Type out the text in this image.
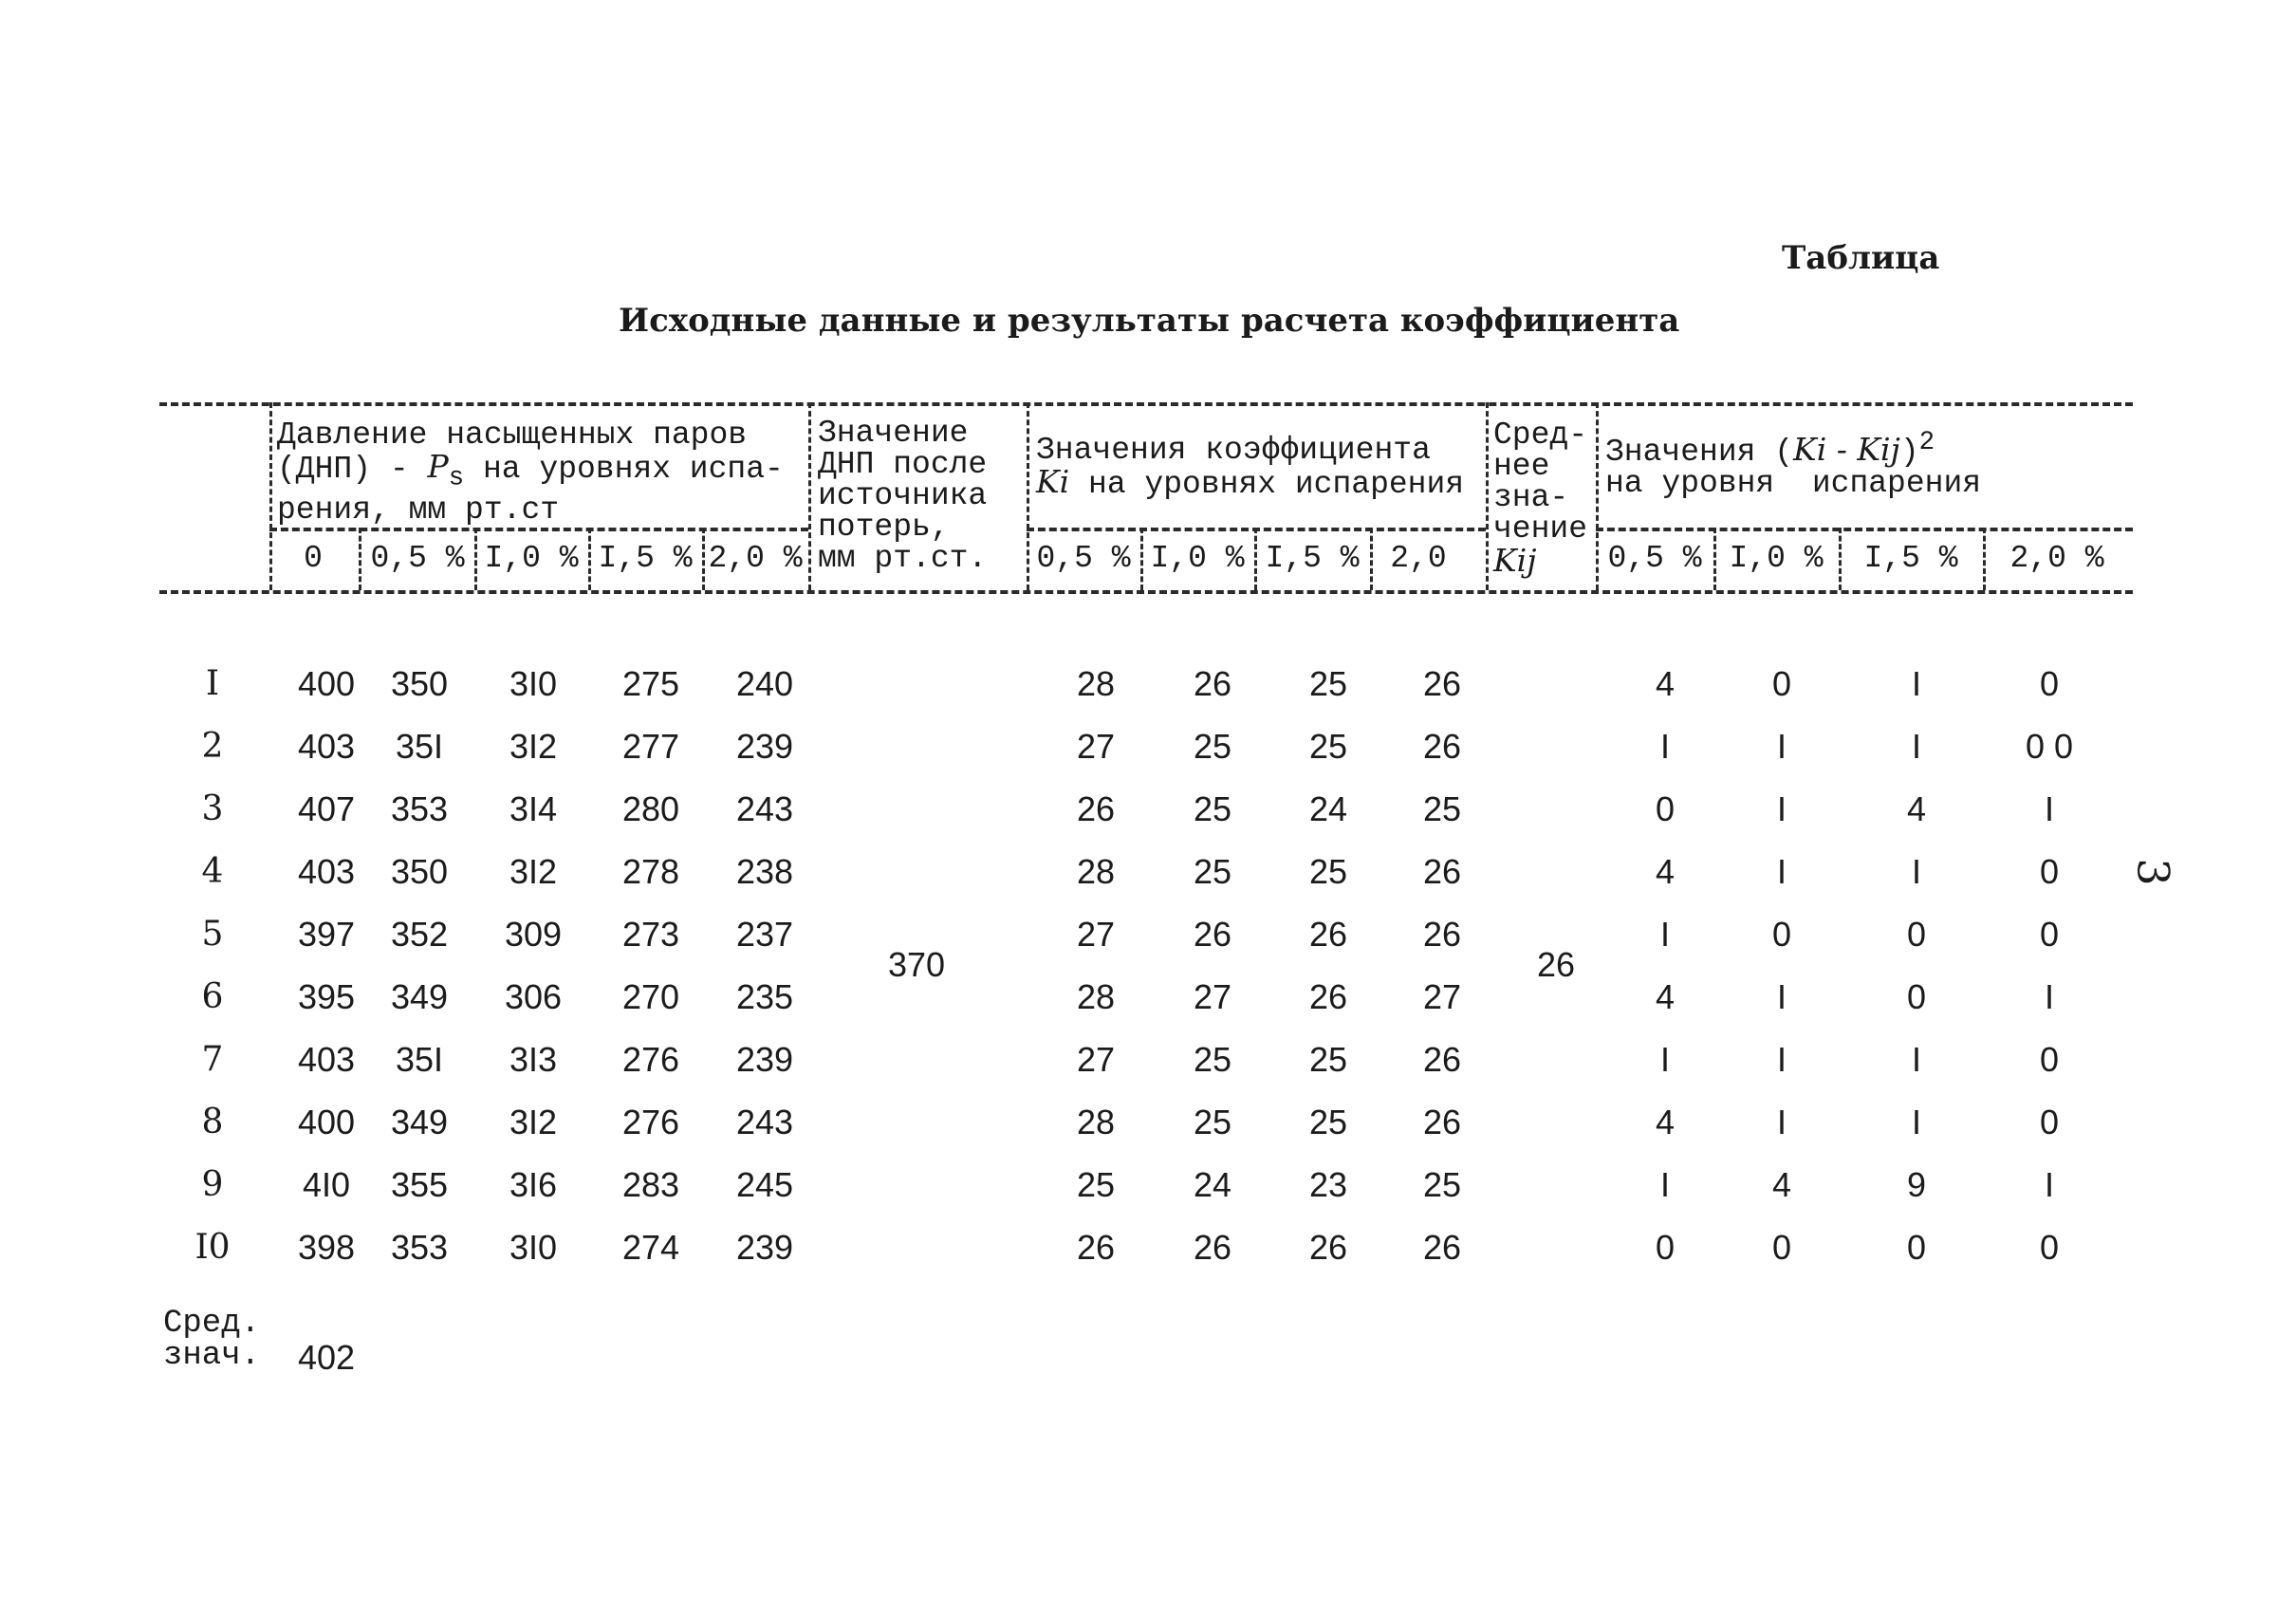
Таблица
Исходные данные и результаты расчета коэффициента
Давление насыщенных паров
$(ДНП) - P_s$ на уровнях испа-
рения, мм рт.ст
Значение
ДНП после
источника
потерь,
мм рт.ст.
Значения коэффициента
Ki на уровнях испарения
Сред-
нее
зна-
чение
Kij
Значения (Ki - Kij)$^2$
на уровня  испарения
0 0,5 % I,0 % I,5 % 2,0 %	0,5 % I,0 % I,5 % 2,0	0,5 % I,0 % I,5 % 2,0 %
I 400 350 3I0 275 240	28 26 25 26	4	0	I	0
2 403 35I 3I2 277 239	27 25 25 26	I	I	I	0 0
3 407 353 3I4 280 243	26 25 24 25	0	I	4	I
4 403 350 3I2 278 238	28 25 25 26	4	I	I	0
5 397 352 309 273 237	27 26 26 26	I	0	0	0
6 395 349 306 270 235	28 27 26 27	4	I	0	I
7 403 35I 3I3 276 239	27 25 25 26	I	I	I	0
8 400 349 3I2 276 243	28 25 25 26	4	I	I	0
9 4I0 355 3I6 283 245	25 24 23 25	I	4	9	I
I0 398 353 3I0 274 239	26 26 26 26	0	0	0	0
370	26
Сред.
знач. 402
3
